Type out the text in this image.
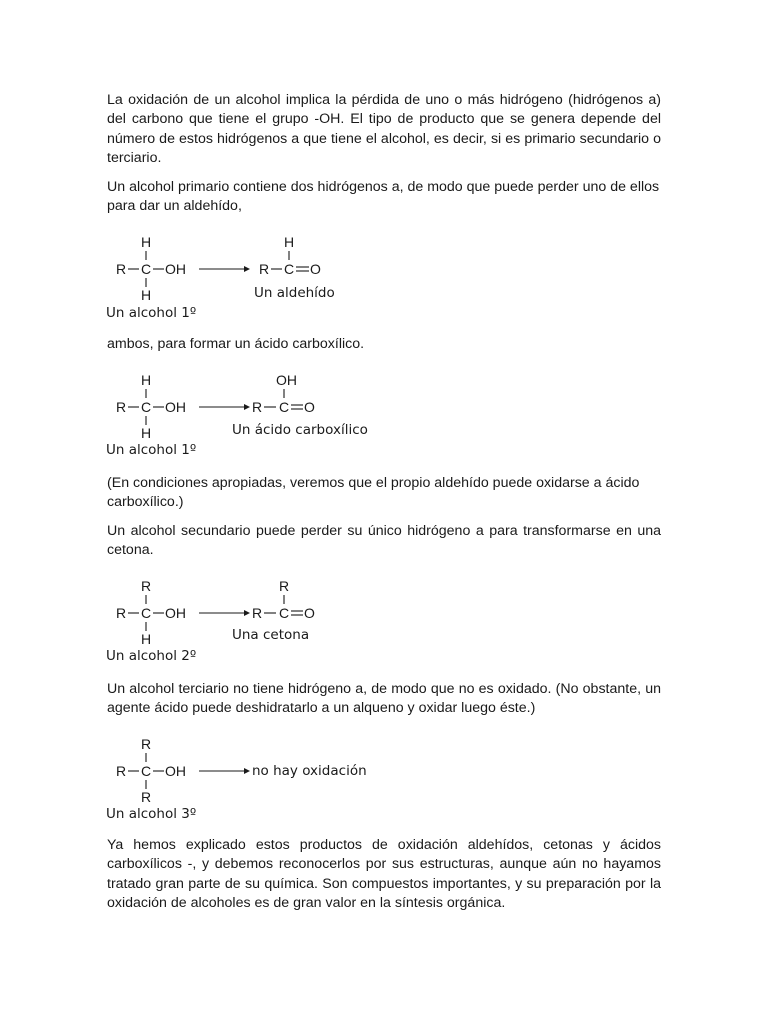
La oxidación de un alcohol implica la pérdida de uno o más hidrógeno (hidrógenos a) del carbono que tiene el grupo -OH. El tipo de producto que se genera depende del número de estos hidrógenos a que tiene el alcohol, es decir, si es primario secundario o terciario.

Un alcohol primario contiene dos hidrógenos a, de modo que puede perder uno de ellos para dar un aldehído,

H
R C OH
H
H
R C O
Un aldehído
Un alcohol 1º

ambos, para formar un ácido carboxílico.

H
R C OH
H
OH
R C O
Un ácido carboxílico
Un alcohol 1º

(En condiciones apropiadas, veremos que el propio aldehído puede oxidarse a ácido carboxílico.)

Un alcohol secundario puede perder su único hidrógeno a para transformarse en una cetona.

R
R C OH
H
R
R C O
Una cetona
Un alcohol 2º

Un alcohol terciario no tiene hidrógeno a, de modo que no es oxidado. (No obstante, un agente ácido puede deshidratarlo a un alqueno y oxidar luego éste.)

R
R C OH
R
no hay oxidación
Un alcohol 3º

Ya hemos explicado estos productos de oxidación aldehídos, cetonas y ácidos carboxílicos -, y debemos reconocerlos por sus estructuras, aunque aún no hayamos tratado gran parte de su química. Son compuestos importantes, y su preparación por la oxidación de alcoholes es de gran valor en la síntesis orgánica.
